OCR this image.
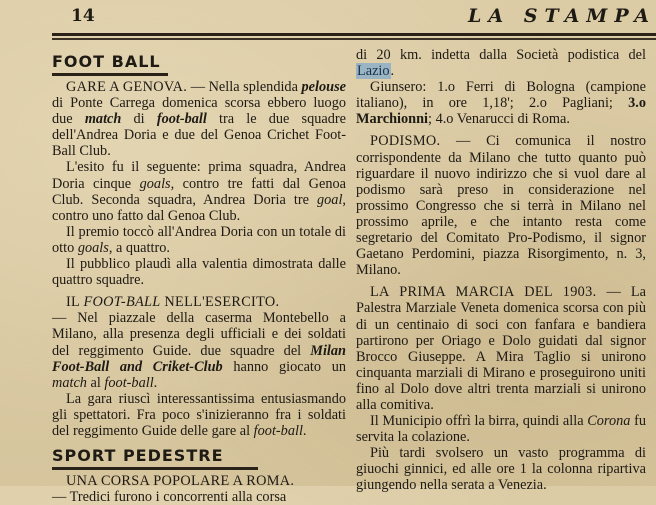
14	LA STAMPA
FOOT BALL

GARE A GENOVA. — Nella splendida pelouse di Ponte Carrega domenica scorsa ebbero luogo due match di foot-ball tra le due squadre dell'Andrea Doria e due del Genoa Crichet Foot-Ball Club.

L'esito fu il seguente: prima squadra, Andrea Doria cinque goals, contro tre fatti dal Genoa Club. Seconda squadra, Andrea Doria tre goal, contro uno fatto dal Genoa Club.

Il premio toccò all'Andrea Doria con un totale di otto goals, a quattro.

Il pubblico plaudì alla valentia dimostrata dalle quattro squadre.

IL FOOT-BALL NELL'ESERCITO.

— Nel piazzale della caserma Montebello a Milano, alla presenza degli ufficiali e dei soldati del reggimento Guide. due squadre del Milan Foot-Ball and Criket-Club hanno giocato un match al foot-ball.

La gara riuscì interessantissima entusiasmando gli spettatori. Fra poco s'inizieranno fra i soldati del reggimento Guide delle gare al foot-ball.

SPORT PEDESTRE

UNA CORSA POPOLARE A ROMA.

— Tredici furono i concorrenti alla corsa

di 20 km. indetta dalla Società podistica del Lazio.

Giunsero: 1.o Ferri di Bologna (campione italiano), in ore 1,18'; 2.o Pagliani; 3.o Marchionni; 4.o Venarucci di Roma.

PODISMO. — Ci comunica il nostro corrispondente da Milano che tutto quanto può riguardare il nuovo indirizzo che si vuol dare al podismo sarà preso in considerazione nel prossimo Congresso che si terrà in Milano nel prossimo aprile, e che intanto resta come segretario del Comitato Pro-Podismo, il signor Gaetano Perdomini, piazza Risorgimento, n. 3, Milano.

LA PRIMA MARCIA DEL 1903. — La Palestra Marziale Veneta domenica scorsa con più di un centinaio di soci con fanfara e bandiera partirono per Oriago e Dolo guidati dal signor Brocco Giuseppe. A Mira Taglio si unirono cinquanta marziali di Mirano e proseguirono uniti fino al Dolo dove altri trenta marziali si unirono alla comitiva.

Il Municipio offrì la birra, quindi alla Corona fu servita la colazione.

Più tardi svolsero un vasto programma di giuochi ginnici, ed alle ore 1 la colonna ripartiva giungendo nella serata a Venezia.
